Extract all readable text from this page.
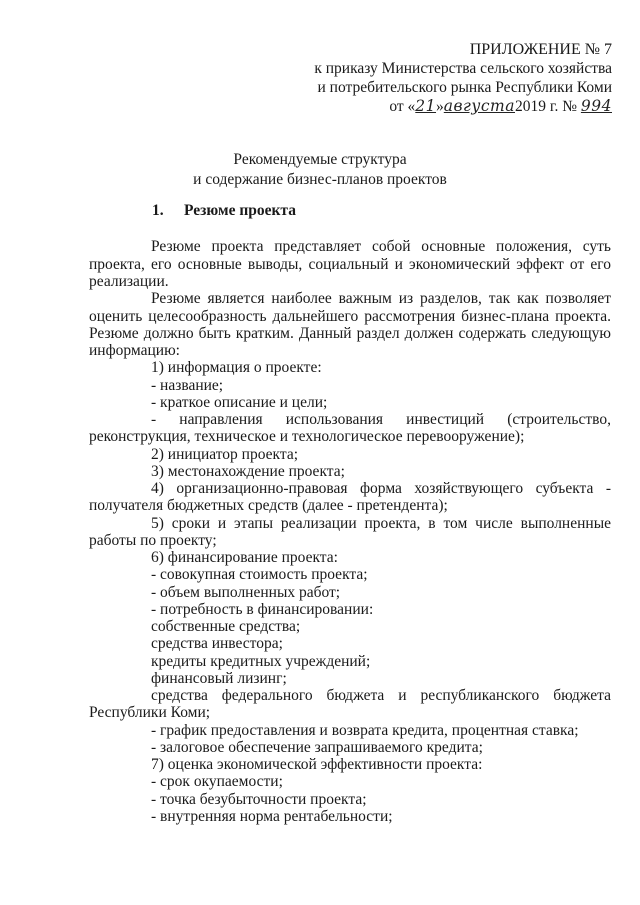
ПРИЛОЖЕНИЕ № 7
к приказу Министерства сельского хозяйства
и потребительского рынка Республики Коми
от «21»августа2019 г. № 994
Рекомендуемые структура
и содержание бизнес-планов проектов
1. Резюме проекта
Резюме проекта представляет собой основные положения, суть
проекта, его основные выводы, социальный и экономический эффект от его
реализации.
Резюме является наиболее важным из разделов, так как позволяет
оценить целесообразность дальнейшего рассмотрения бизнес-плана проекта.
Резюме должно быть кратким. Данный раздел должен содержать следующую
информацию:
1) информация о проекте:
- название;
- краткое описание и цели;
- направления использования инвестиций (строительство,
реконструкция, техническое и технологическое перевооружение);
2) инициатор проекта;
3) местонахождение проекта;
4) организационно-правовая форма хозяйствующего субъекта -
получателя бюджетных средств (далее - претендента);
5) сроки и этапы реализации проекта, в том числе выполненные
работы по проекту;
6) финансирование проекта:
- совокупная стоимость проекта;
- объем выполненных работ;
- потребность в финансировании:
собственные средства;
средства инвестора;
кредиты кредитных учреждений;
финансовый лизинг;
средства федерального бюджета и республиканского бюджета
Республики Коми;
- график предоставления и возврата кредита, процентная ставка;
- залоговое обеспечение запрашиваемого кредита;
7) оценка экономической эффективности проекта:
- срок окупаемости;
- точка безубыточности проекта;
- внутренняя норма рентабельности;
